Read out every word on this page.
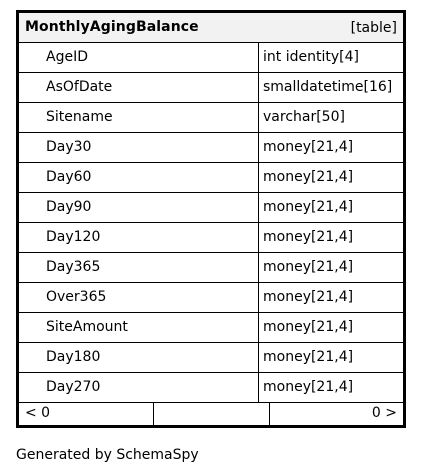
MonthlyAgingBalance	[table]
AgeID	int identity[4]
AsOfDate	smalldatetime[16]
Sitename	varchar[50]
Day30	money[21,4]
Day60	money[21,4]
Day90	money[21,4]
Day120	money[21,4]
Day365	money[21,4]
Over365	money[21,4]
SiteAmount	money[21,4]
Day180	money[21,4]
Day270	money[21,4]
< 0	0 >
Generated by SchemaSpy
